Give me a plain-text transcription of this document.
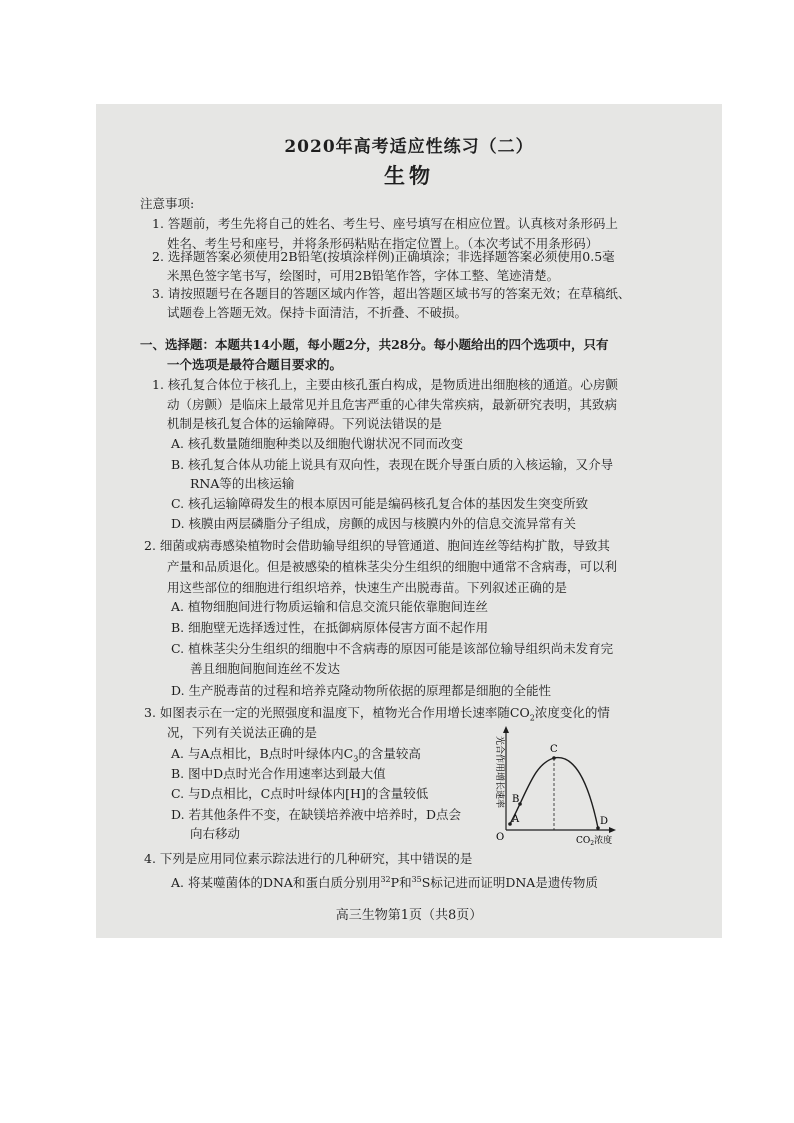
2020年高考适应性练习（二）
生物
注意事项:
1. 答题前，考生先将自己的姓名、考生号、座号填写在相应位置。认真核对条形码上
姓名、考生号和座号，并将条形码粘贴在指定位置上。（本次考试不用条形码）
2. 选择题答案必须使用2B铅笔(按填涂样例)正确填涂；非选择题答案必须使用0.5毫
米黑色签字笔书写，绘图时，可用2B铅笔作答，字体工整、笔迹清楚。
3. 请按照题号在各题目的答题区域内作答，超出答题区域书写的答案无效；在草稿纸、
试题卷上答题无效。保持卡面清洁，不折叠、不破损。
一、选择题：本题共14小题，每小题2分，共28分。每小题给出的四个选项中，只有
一个选项是最符合题目要求的。
1. 核孔复合体位于核孔上，主要由核孔蛋白构成，是物质进出细胞核的通道。心房颤
动（房颤）是临床上最常见并且危害严重的心律失常疾病，最新研究表明，其致病
机制是核孔复合体的运输障碍。下列说法错误的是
A. 核孔数量随细胞种类以及细胞代谢状况不同而改变
B. 核孔复合体从功能上说具有双向性，表现在既介导蛋白质的入核运输，又介导
RNA等的出核运输
C. 核孔运输障碍发生的根本原因可能是编码核孔复合体的基因发生突变所致
D. 核膜由两层磷脂分子组成，房颤的成因与核膜内外的信息交流异常有关
2. 细菌或病毒感染植物时会借助输导组织的导管通道、胞间连丝等结构扩散，导致其
产量和品质退化。但是被感染的植株茎尖分生组织的细胞中通常不含病毒，可以利
用这些部位的细胞进行组织培养，快速生产出脱毒苗。下列叙述正确的是
A. 植物细胞间进行物质运输和信息交流只能依靠胞间连丝
B. 细胞壁无选择透过性，在抵御病原体侵害方面不起作用
C. 植株茎尖分生组织的细胞中不含病毒的原因可能是该部位输导组织尚未发育完
善且细胞间胞间连丝不发达
D. 生产脱毒苗的过程和培养克隆动物所依据的原理都是细胞的全能性
3. 如图表示在一定的光照强度和温度下，植物光合作用增长速率随$CO_2$浓度变化的情
况，下列有关说法正确的是
A. 与A点相比，B点时叶绿体内$C_3$的含量较高
B. 图中D点时光合作用速率达到最大值
C. 与D点相比，C点时叶绿体内[H]的含量较低
D. 若其他条件不变，在缺镁培养液中培养时，D点会
向右移动	O
A
B
C
D
光合作用增长速率
$CO_2$浓度
4. 下列是应用同位素示踪法进行的几种研究，其中错误的是
A. 将某噬菌体的DNA和蛋白质分别用$^{32}$P和$^{35}$S标记进而证明DNA是遗传物质
高三生物第1页（共8页）
